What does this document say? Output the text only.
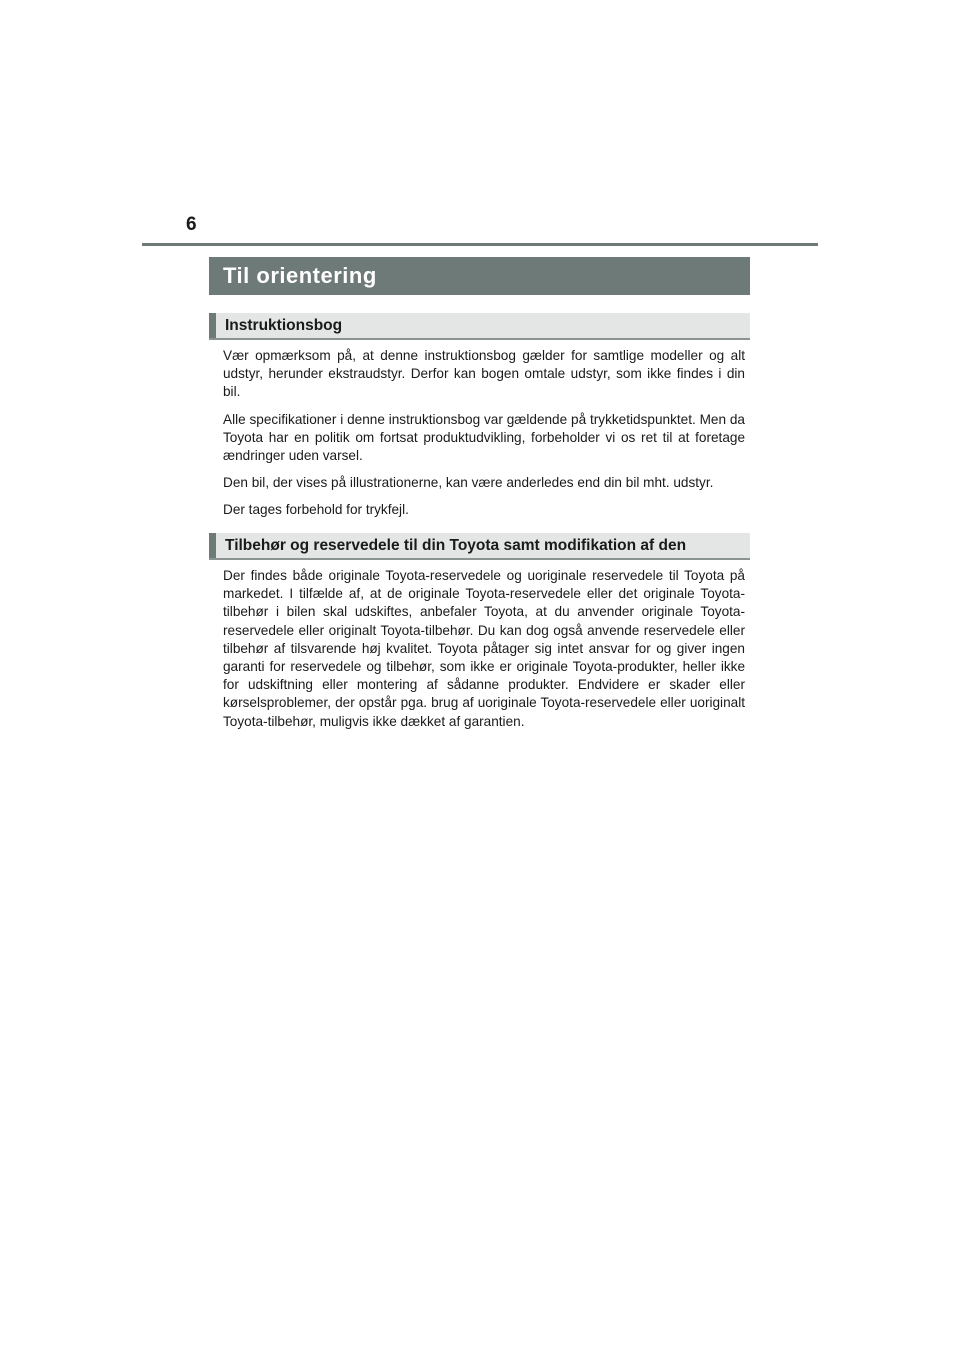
6
Til orientering
Instruktionsbog

Vær opmærksom på, at denne instruktionsbog gælder for samtlige modeller og alt udstyr, herunder ekstraudstyr. Derfor kan bogen omtale udstyr, som ikke findes i din bil.

Alle specifikationer i denne instruktionsbog var gældende på trykketidspunktet. Men da Toyota har en politik om fortsat produktudvikling, forbeholder vi os ret til at foretage ændringer uden varsel.

Den bil, der vises på illustrationerne, kan være anderledes end din bil mht. udstyr.

Der tages forbehold for trykfejl.

Tilbehør og reservedele til din Toyota samt modifikation af den

Der findes både originale Toyota-reservedele og uoriginale reservedele til Toyota på markedet. I tilfælde af, at de originale Toyota-reservedele eller det originale Toyota-tilbehør i bilen skal udskiftes, anbefaler Toyota, at du anvender originale Toyota-reservedele eller originalt Toyota-tilbehør. Du kan dog også anvende reservedele eller tilbehør af tilsvarende høj kvalitet. Toyota påtager sig intet ansvar for og giver ingen garanti for reservedele og tilbehør, som ikke er originale Toyota-produkter, heller ikke for udskiftning eller montering af sådanne produkter. Endvidere er skader eller kørselsproblemer, der opstår pga. brug af uoriginale Toyota-reservedele eller uoriginalt Toyota-tilbehør, muligvis ikke dækket af garantien.
